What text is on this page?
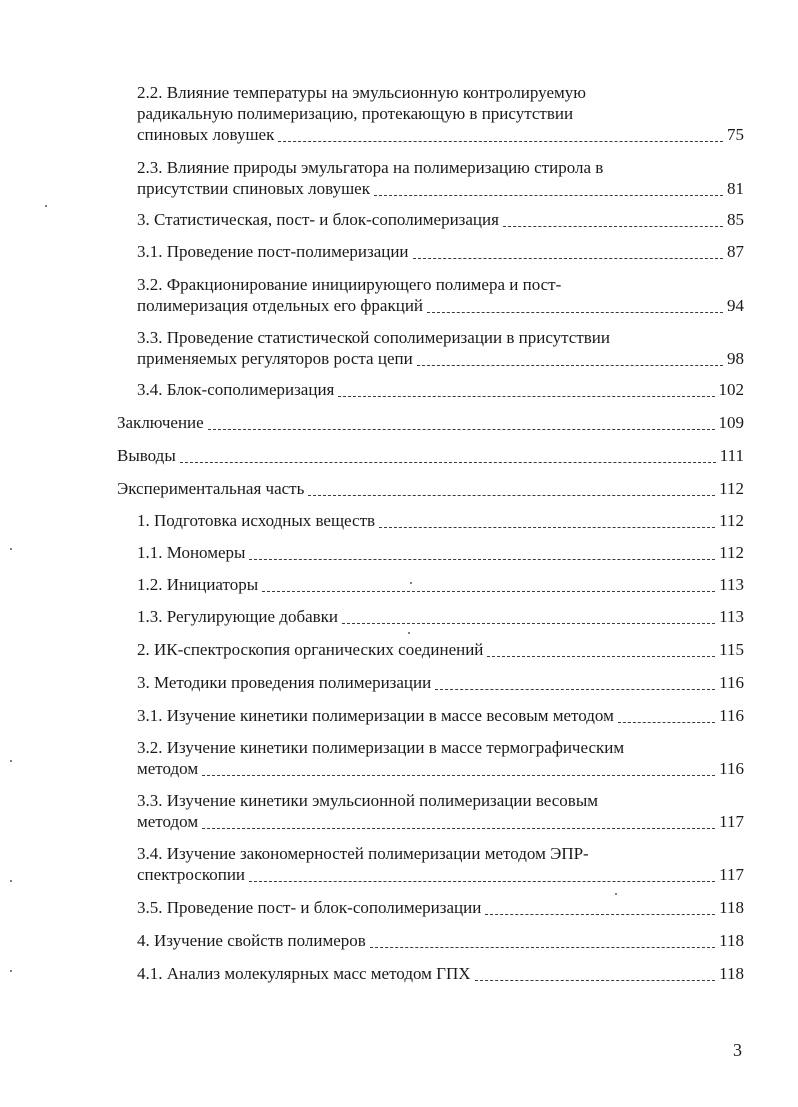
2.2. Влияние температуры на эмульсионную контролируемую
радикальную полимеризацию, протекающую в присутствии
спиновых ловушек	75
2.3. Влияние природы эмульгатора на полимеризацию стирола в
присутствии спиновых ловушек	81
3. Статистическая, пост- и блок-сополимеризация	85
3.1. Проведение пост-полимеризации	87
3.2. Фракционирование инициирующего полимера и пост-
полимеризация отдельных его фракций	94
3.3. Проведение статистической сополимеризации в присутствии
применяемых регуляторов роста цепи	98
3.4. Блок-сополимеризация	102
Заключение	109
Выводы	111
Экспериментальная часть	112
1. Подготовка исходных веществ	112
1.1. Мономеры	112
1.2. Инициаторы	113
1.3. Регулирующие добавки	113
2. ИК-спектроскопия органических соединений	115
3. Методики проведения полимеризации	116
3.1. Изучение кинетики полимеризации в массе весовым методом	116
3.2. Изучение кинетики полимеризации в массе термографическим
методом	116
3.3. Изучение кинетики эмульсионной полимеризации весовым
методом	117
3.4. Изучение закономерностей полимеризации методом ЭПР-
спектроскопии	117
3.5. Проведение пост- и блок-сополимеризации	118
4. Изучение свойств полимеров	118
4.1. Анализ молекулярных масс методом ГПХ	118
3
